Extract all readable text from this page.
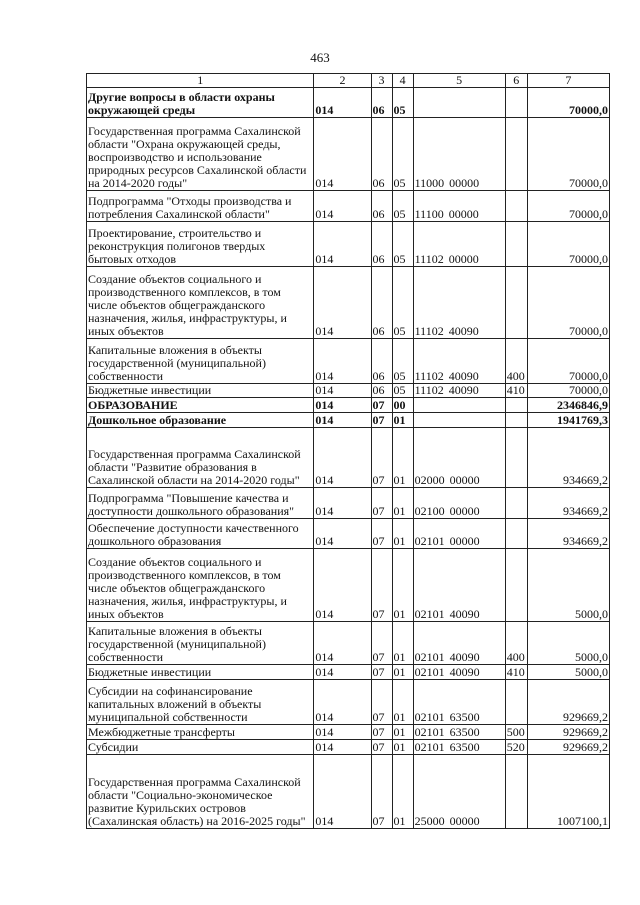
463
1	2	3	4	5	6	7
Другие вопросы в области охраны окружающей среды	014	06	05			70000,0
Государственная программа Сахалинской области "Охрана окружающей среды, воспроизводство и использование природных ресурсов Сахалинской области на 2014-2020 годы"	014	06	05	11000 00000		70000,0
Подпрограмма "Отходы производства и потребления Сахалинской области"	014	06	05	11100 00000		70000,0
Проектирование, строительство и реконструкция полигонов твердых бытовых отходов	014	06	05	11102 00000		70000,0
Создание объектов социального и производственного комплексов, в том числе объектов общегражданского назначения, жилья, инфраструктуры, и иных объектов	014	06	05	11102 40090		70000,0
Капитальные вложения в объекты государственной (муниципальной) собственности	014	06	05	11102 40090	400	70000,0
Бюджетные инвестиции	014	06	05	11102 40090	410	70000,0
ОБРАЗОВАНИЕ	014	07	00			2346846,9
Дошкольное образование	014	07	01			1941769,3
Государственная программа Сахалинской области "Развитие образования в Сахалинской области на 2014-2020 годы"	014	07	01	02000 00000		934669,2
Подпрограмма "Повышение качества и доступности дошкольного образования"	014	07	01	02100 00000		934669,2
Обеспечение доступности качественного дошкольного образования	014	07	01	02101 00000		934669,2
Создание объектов социального и производственного комплексов, в том числе объектов общегражданского назначения, жилья, инфраструктуры, и иных объектов	014	07	01	02101 40090		5000,0
Капитальные вложения в объекты государственной (муниципальной) собственности	014	07	01	02101 40090	400	5000,0
Бюджетные инвестиции	014	07	01	02101 40090	410	5000,0
Субсидии на софинансирование капитальных вложений в объекты муниципальной собственности	014	07	01	02101 63500		929669,2
Межбюджетные трансферты	014	07	01	02101 63500	500	929669,2
Субсидии	014	07	01	02101 63500	520	929669,2
Государственная программа Сахалинской области "Социально-экономическое развитие Курильских островов (Сахалинская область) на 2016-2025 годы"	014	07	01	25000 00000		1007100,1
